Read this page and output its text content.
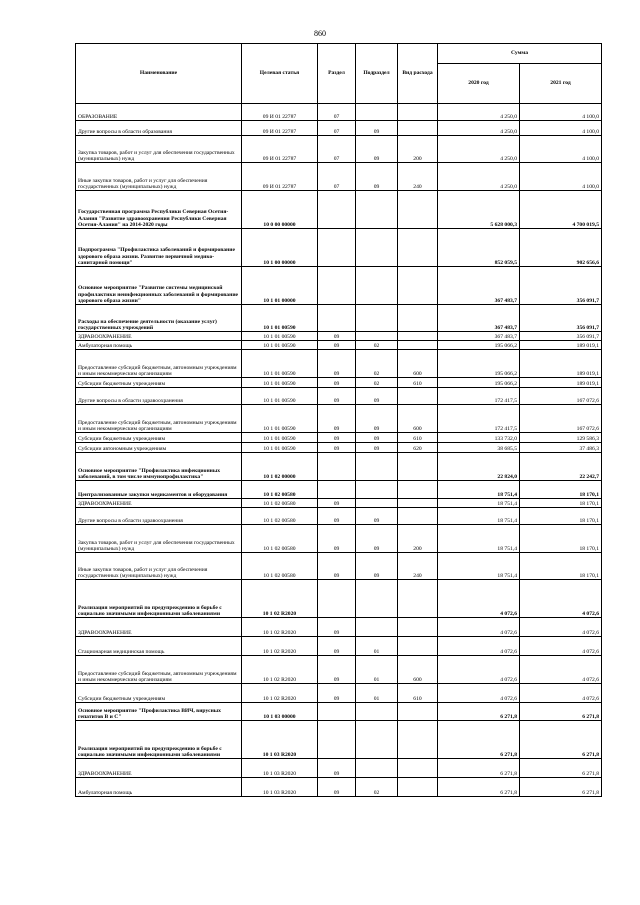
860
Наименование	Целевая статья	Раздел	Подраздел	Вид расхода	Сумма	
					2020 год	2021 год
ОБРАЗОВАНИЕ	09 И 01 22787	07			4 250,0	4 100,0
Другие вопросы в области образования	09 И 01 22787	07	09		4 250,0	4 100,0
Закупка товаров, работ и услуг для обеспечения государственных (муниципальных) нужд	09 И 01 22787	07	09	200	4 250,0	4 100,0
Иные закупки товаров, работ и услуг для обеспечения государственных (муниципальных) нужд	09 И 01 22787	07	09	240	4 250,0	4 100,0
Государственная программа Республики Северная Осетия-Алания "Развитие здравоохранения Республики Северная Осетия-Алания" на 2014-2020 годы	10 0 00 00000				5 628 000,3	4 700 019,5
Подпрограмма "Профилактика заболеваний и формирование здорового образа жизни. Развитие первичной медико-санитарной помощи"	10 1 00 00000				852 059,5	902 656,6
Основное мероприятие "Развитие системы медицинской профилактики неинфекционных заболеваний и формирование здорового образа жизни"	10 1 01 00000				367 483,7	356 091,7
Расходы на обеспечение деятельности (оказание услуг) государственных учреждений	10 1 01 00590				367 483,7	356 091,7
ЗДРАВООХРАНЕНИЕ	10 1 01 00590	09			367 483,7	356 091,7
Амбулаторная помощь	10 1 01 00590	09	02		195 066,2	189 019,1
Предоставление субсидий бюджетным, автономным учреждениям и иным некоммерческим организациям	10 1 01 00590	09	02	600	195 066,2	189 019,1
Субсидии бюджетным учреждениям	10 1 01 00590	09	02	610	195 066,2	189 019,1
Другие вопросы в области здравоохранения	10 1 01 00590	09	09		172 417,5	167 072,6
Предоставление субсидий бюджетным, автономным учреждениям и иным некоммерческим организациям	10 1 01 00590	09	09	600	172 417,5	167 072,6
Субсидии бюджетным учреждениям	10 1 01 00590	09	09	610	133 732,0	129 586,3
Субсидии автономным учреждениям	10 1 01 00590	09	09	620	38 685,5	37 486,3
Основное мероприятие "Профилактика инфекционных заболеваний, в том числе иммунопрофилактика"	10 1 02 00000				22 824,0	22 242,7
Централизованные закупки медикаментов и оборудования	10 1 02 00580				18 751,4	18 170,1
ЗДРАВООХРАНЕНИЕ	10 1 02 00580	09			18 751,4	18 170,1
Другие вопросы в области здравоохранения	10 1 02 00580	09	09		18 751,4	18 170,1
Закупка товаров, работ и услуг для обеспечения государственных (муниципальных) нужд	10 1 02 00580	09	09	200	18 751,4	18 170,1
Иные закупки товаров, работ и услуг для обеспечения государственных (муниципальных) нужд	10 1 02 00580	09	09	240	18 751,4	18 170,1
Реализация мероприятий по предупреждению и борьбе с социально значимыми инфекционными заболеваниями	10 1 02 R2020				4 072,6	4 072,6
ЗДРАВООХРАНЕНИЕ	10 1 02 R2020	09			4 072,6	4 072,6
Стационарная медицинская помощь	10 1 02 R2020	09	01		4 072,6	4 072,6
Предоставление субсидий бюджетным, автономным учреждениям и иным некоммерческим организациям	10 1 02 R2020	09	01	600	4 072,6	4 072,6
Субсидии бюджетным учреждениям	10 1 02 R2020	09	01	610	4 072,6	4 072,6
Основное мероприятие "Профилактика ВИЧ, вирусных гепатитов В и С"	10 1 03 00000				6 271,8	6 271,8
Реализация мероприятий по предупреждению и борьбе с социально значимыми инфекционными заболеваниями	10 1 03 R2020				6 271,8	6 271,8
ЗДРАВООХРАНЕНИЕ	10 1 03 R2020	09			6 271,8	6 271,8
Амбулаторная помощь	10 1 03 R2020	09	02		6 271,8	6 271,8
